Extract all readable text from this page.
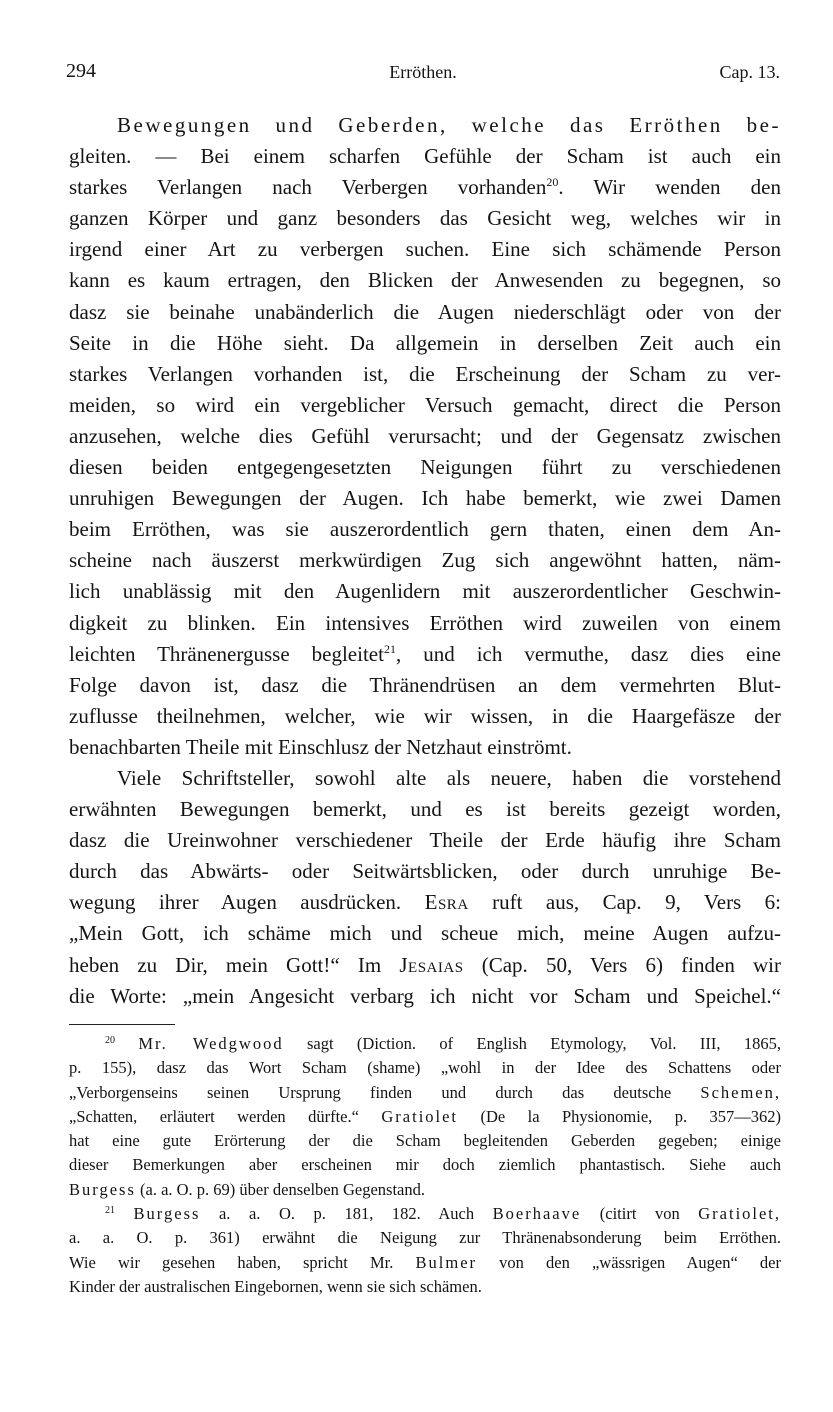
294	Erröthen.	Cap. 13.
Bewegungen und Geberden, welche das Erröthen be-
gleiten. — Bei einem scharfen Gefühle der Scham ist auch ein
starkes Verlangen nach Verbergen vorhanden$^{20}$. Wir wenden den
ganzen Körper und ganz besonders das Gesicht weg, welches wir in
irgend einer Art zu verbergen suchen. Eine sich schämende Person
kann es kaum ertragen, den Blicken der Anwesenden zu begegnen, so
dasz sie beinahe unabänderlich die Augen niederschlägt oder von der
Seite in die Höhe sieht. Da allgemein in derselben Zeit auch ein
starkes Verlangen vorhanden ist, die Erscheinung der Scham zu ver-
meiden, so wird ein vergeblicher Versuch gemacht, direct die Person
anzusehen, welche dies Gefühl verursacht; und der Gegensatz zwischen
diesen beiden entgegengesetzten Neigungen führt zu verschiedenen
unruhigen Bewegungen der Augen. Ich habe bemerkt, wie zwei Damen
beim Erröthen, was sie auszerordentlich gern thaten, einen dem An-
scheine nach äuszerst merkwürdigen Zug sich angewöhnt hatten, näm-
lich unablässig mit den Augenlidern mit auszerordentlicher Geschwin-
digkeit zu blinken. Ein intensives Erröthen wird zuweilen von einem
leichten Thränenergusse begleitet$^{21}$, und ich vermuthe, dasz dies eine
Folge davon ist, dasz die Thränendrüsen an dem vermehrten Blut-
zuflusse theilnehmen, welcher, wie wir wissen, in die Haargefäsze der
benachbarten Theile mit Einschlusz der Netzhaut einströmt.
Viele Schriftsteller, sowohl alte als neuere, haben die vorstehend
erwähnten Bewegungen bemerkt, und es ist bereits gezeigt worden,
dasz die Ureinwohner verschiedener Theile der Erde häufig ihre Scham
durch das Abwärts- oder Seitwärtsblicken, oder durch unruhige Be-
wegung ihrer Augen ausdrücken. Esra ruft aus, Cap. 9, Vers 6:
„Mein Gott, ich schäme mich und scheue mich, meine Augen aufzu-
heben zu Dir, mein Gott!“ Im Jesaias (Cap. 50, Vers 6) finden wir
die Worte: „mein Angesicht verbarg ich nicht vor Scham und Speichel.“
$^{20}$ Mr. Wedgwood sagt (Diction. of English Etymology, Vol. III, 1865,
p. 155), dasz das Wort Scham (shame) „wohl in der Idee des Schattens oder
„Verborgenseins seinen Ursprung finden und durch das deutsche Schemen,
„Schatten, erläutert werden dürfte.“ Gratiolet (De la Physionomie, p. 357—362)
hat eine gute Erörterung der die Scham begleitenden Geberden gegeben; einige
dieser Bemerkungen aber erscheinen mir doch ziemlich phantastisch. Siehe auch
Burgess (a. a. O. p. 69) über denselben Gegenstand.
$^{21}$ Burgess a. a. O. p. 181, 182. Auch Boerhaave (citirt von Gratiolet,
a. a. O. p. 361) erwähnt die Neigung zur Thränenabsonderung beim Erröthen.
Wie wir gesehen haben, spricht Mr. Bulmer von den „wässrigen Augen“ der
Kinder der australischen Eingebornen, wenn sie sich schämen.
